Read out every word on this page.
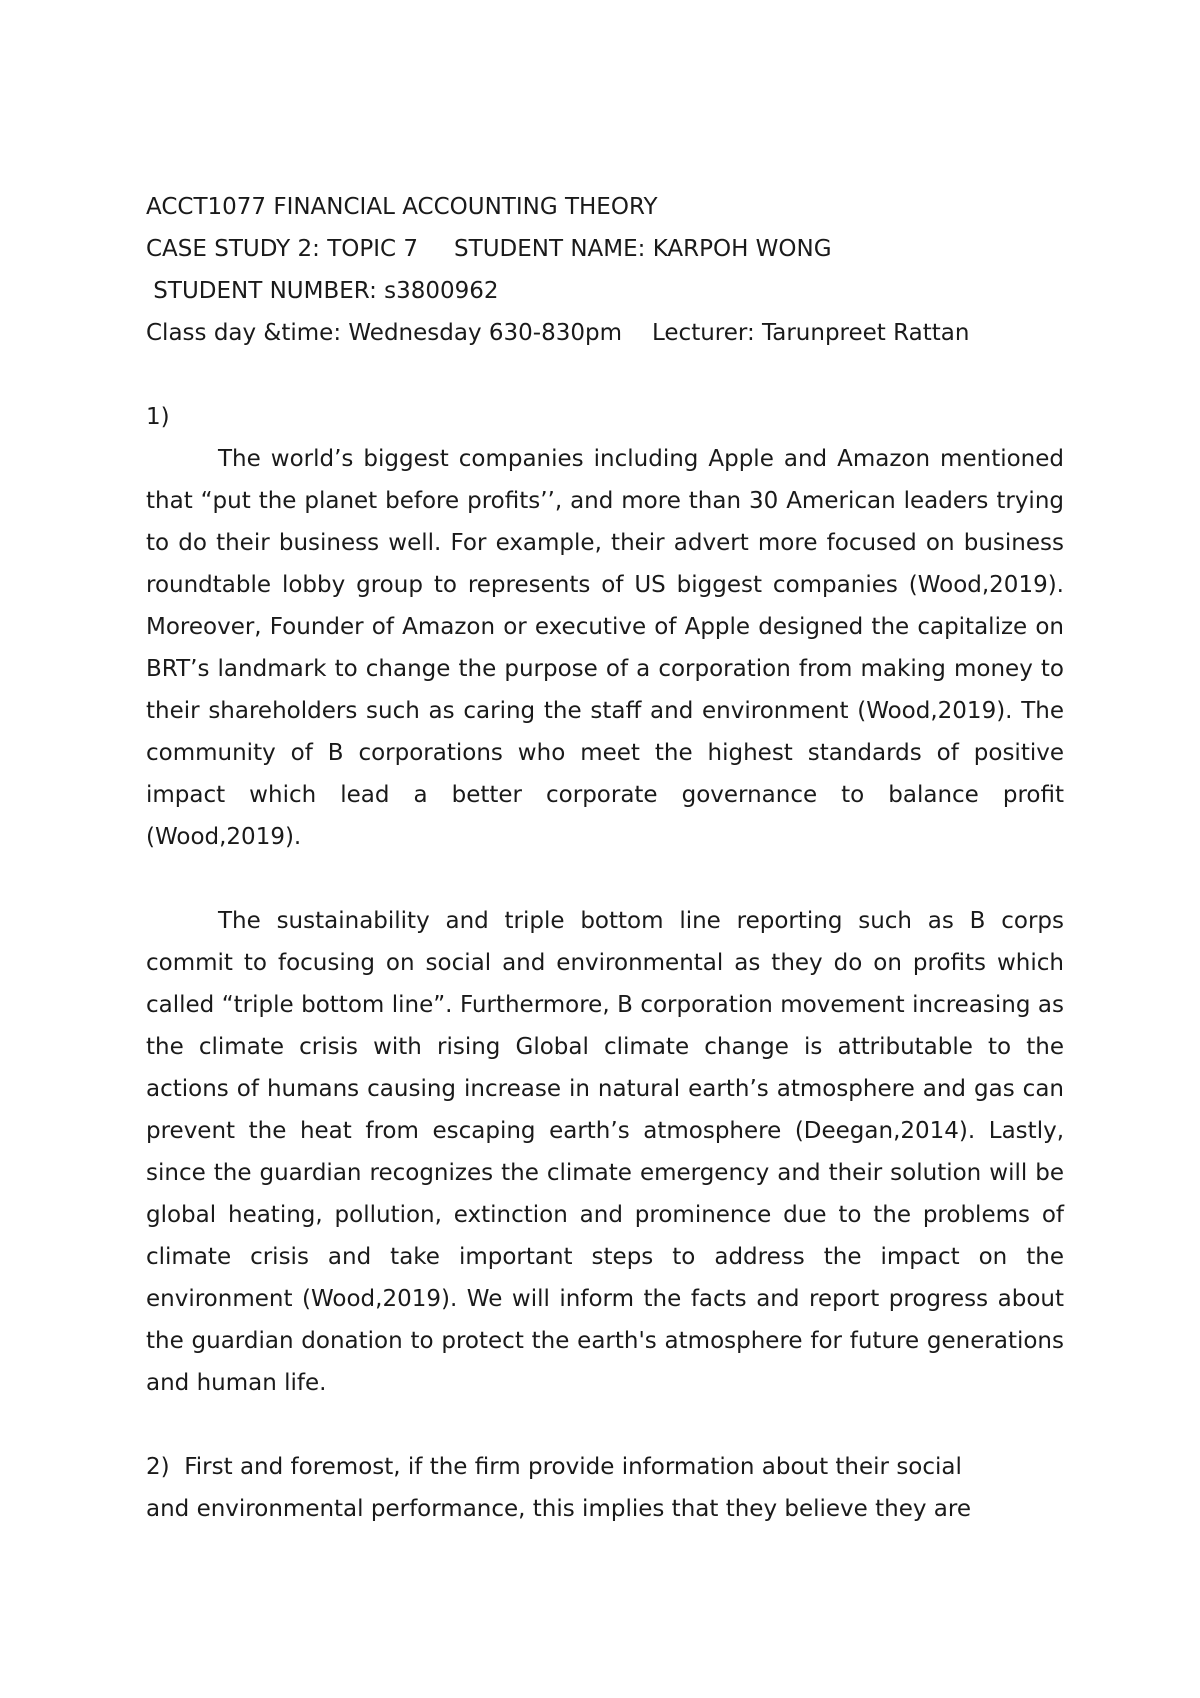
ACCT1077 FINANCIAL ACCOUNTING THEORY

CASE STUDY 2: TOPIC 7 STUDENT NAME: KARPOH WONG

STUDENT NUMBER: s3800962

Class day &time: Wednesday 630-830pm Lecturer: Tarunpreet Rattan

1)

The world’s biggest companies including Apple and Amazon mentioned that “put the planet before profits’’, and more than 30 American leaders trying to do their business well. For example, their advert more focused on business roundtable lobby group to represents of US biggest companies (Wood,2019). Moreover, Founder of Amazon or executive of Apple designed the capitalize on BRT’s landmark to change the purpose of a corporation from making money to their shareholders such as caring the staff and environment (Wood,2019). The community of B corporations who meet the highest standards of positive impact which lead a better corporate governance to balance profit (Wood,2019).

The sustainability and triple bottom line reporting such as B corps commit to focusing on social and environmental as they do on profits which called “triple bottom line”. Furthermore, B corporation movement increasing as the climate crisis with rising Global climate change is attributable to the actions of humans causing increase in natural earth’s atmosphere and gas can prevent the heat from escaping earth’s atmosphere (Deegan,2014). Lastly, since the guardian recognizes the climate emergency and their solution will be global heating, pollution, extinction and prominence due to the problems of climate crisis and take important steps to address the impact on the environment (Wood,2019). We will inform the facts and report progress about the guardian donation to protect the earth's atmosphere for future generations and human life.

2)  First and foremost, if the firm provide information about their social

and environmental performance, this implies that they believe they are
